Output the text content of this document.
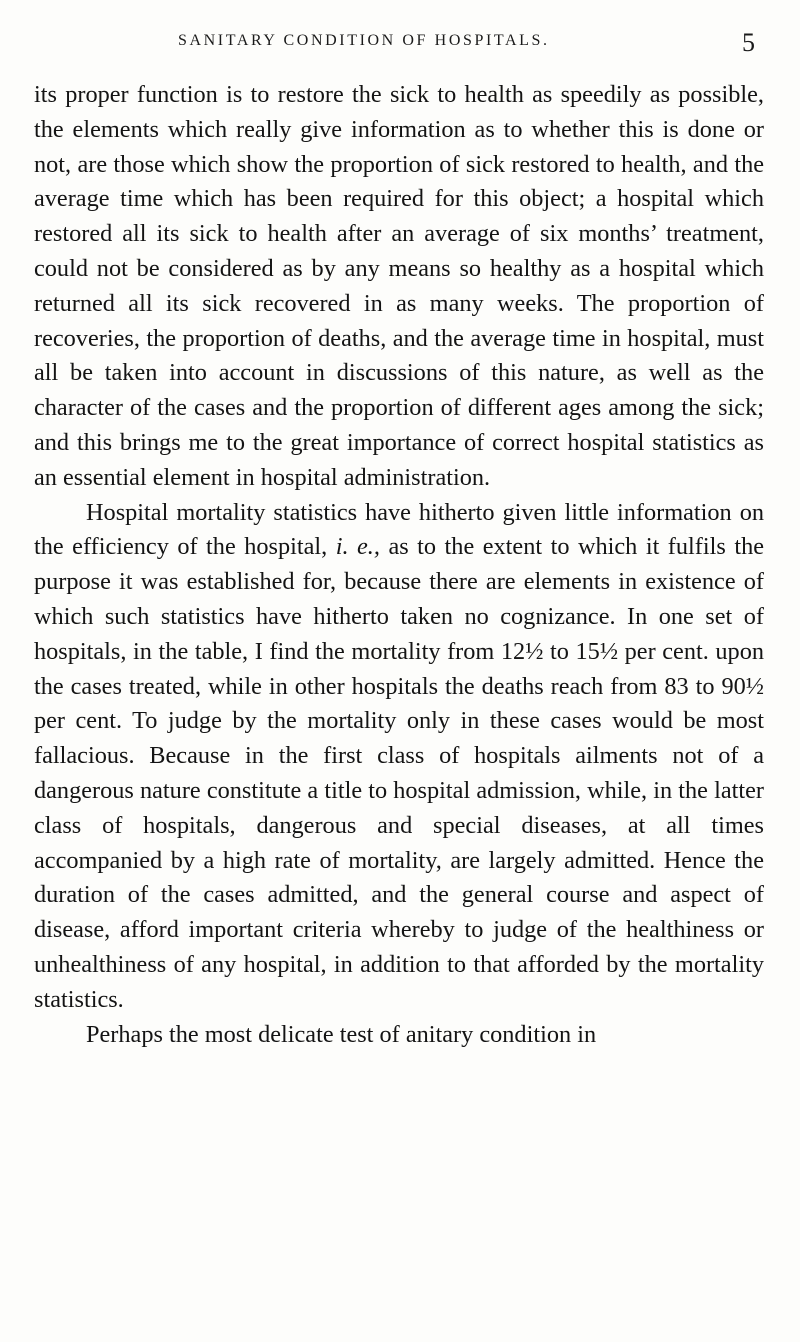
SANITARY CONDITION OF HOSPITALS.	5

its proper function is to restore the sick to health as speedily as possible, the elements which really give information as to whether this is done or not, are those which show the proportion of sick restored to health, and the average time which has been required for this object; a hospital which restored all its sick to health after an average of six months’ treatment, could not be considered as by any means so healthy as a hospital which returned all its sick recovered in as many weeks. The proportion of recoveries, the proportion of deaths, and the average time in hospital, must all be taken into account in discussions of this nature, as well as the character of the cases and the proportion of different ages among the sick; and this brings me to the great importance of correct hospital statistics as an essential element in hospital administration.

Hospital mortality statistics have hitherto given little information on the efficiency of the hospital, i. e., as to the extent to which it fulfils the purpose it was established for, because there are elements in existence of which such statistics have hitherto taken no cognizance. In one set of hospitals, in the table, I find the mortality from 12½ to 15½ per cent. upon the cases treated, while in other hospitals the deaths reach from 83 to 90½ per cent. To judge by the mortality only in these cases would be most fallacious. Because in the first class of hospitals ailments not of a dangerous nature constitute a title to hospital admission, while, in the latter class of hospitals, dangerous and special diseases, at all times accompanied by a high rate of mortality, are largely admitted. Hence the duration of the cases admitted, and the general course and aspect of disease, afford important criteria whereby to judge of the healthiness or unhealthiness of any hospital, in addition to that afforded by the mortality statistics.

Perhaps the most delicate test of anitary condition in
